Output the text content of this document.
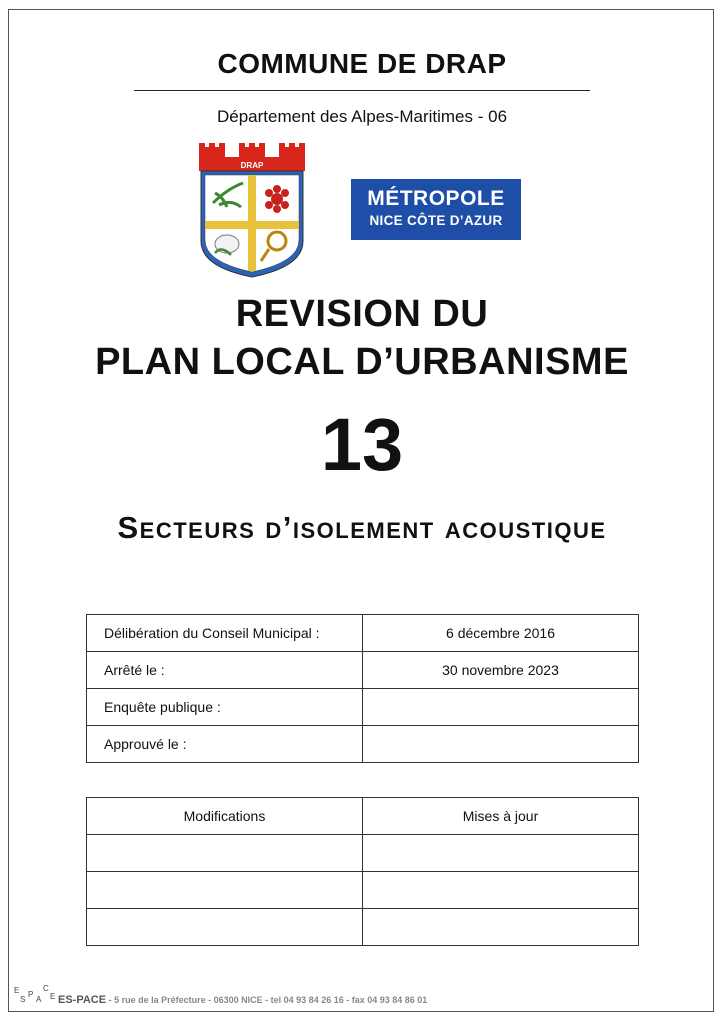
COMMUNE DE DRAP
Département des Alpes-Maritimes - 06
DRAP
MÉTROPOLE
NICE CÔTE D’AZUR
REVISION DU
PLAN LOCAL D’URBANISME
13
Secteurs d’isolement acoustique
Délibération du Conseil Municipal :	6 décembre 2016
Arrêté le :	30 novembre 2023
Enquête publique :	
Approuvé le :	
Modifications	Mises à jour

E
S
P
A
C
E ES-PACE - 5 rue de la Préfecture - 06300 NICE - tel 04 93 84 26 16 - fax 04 93 84 86 01
